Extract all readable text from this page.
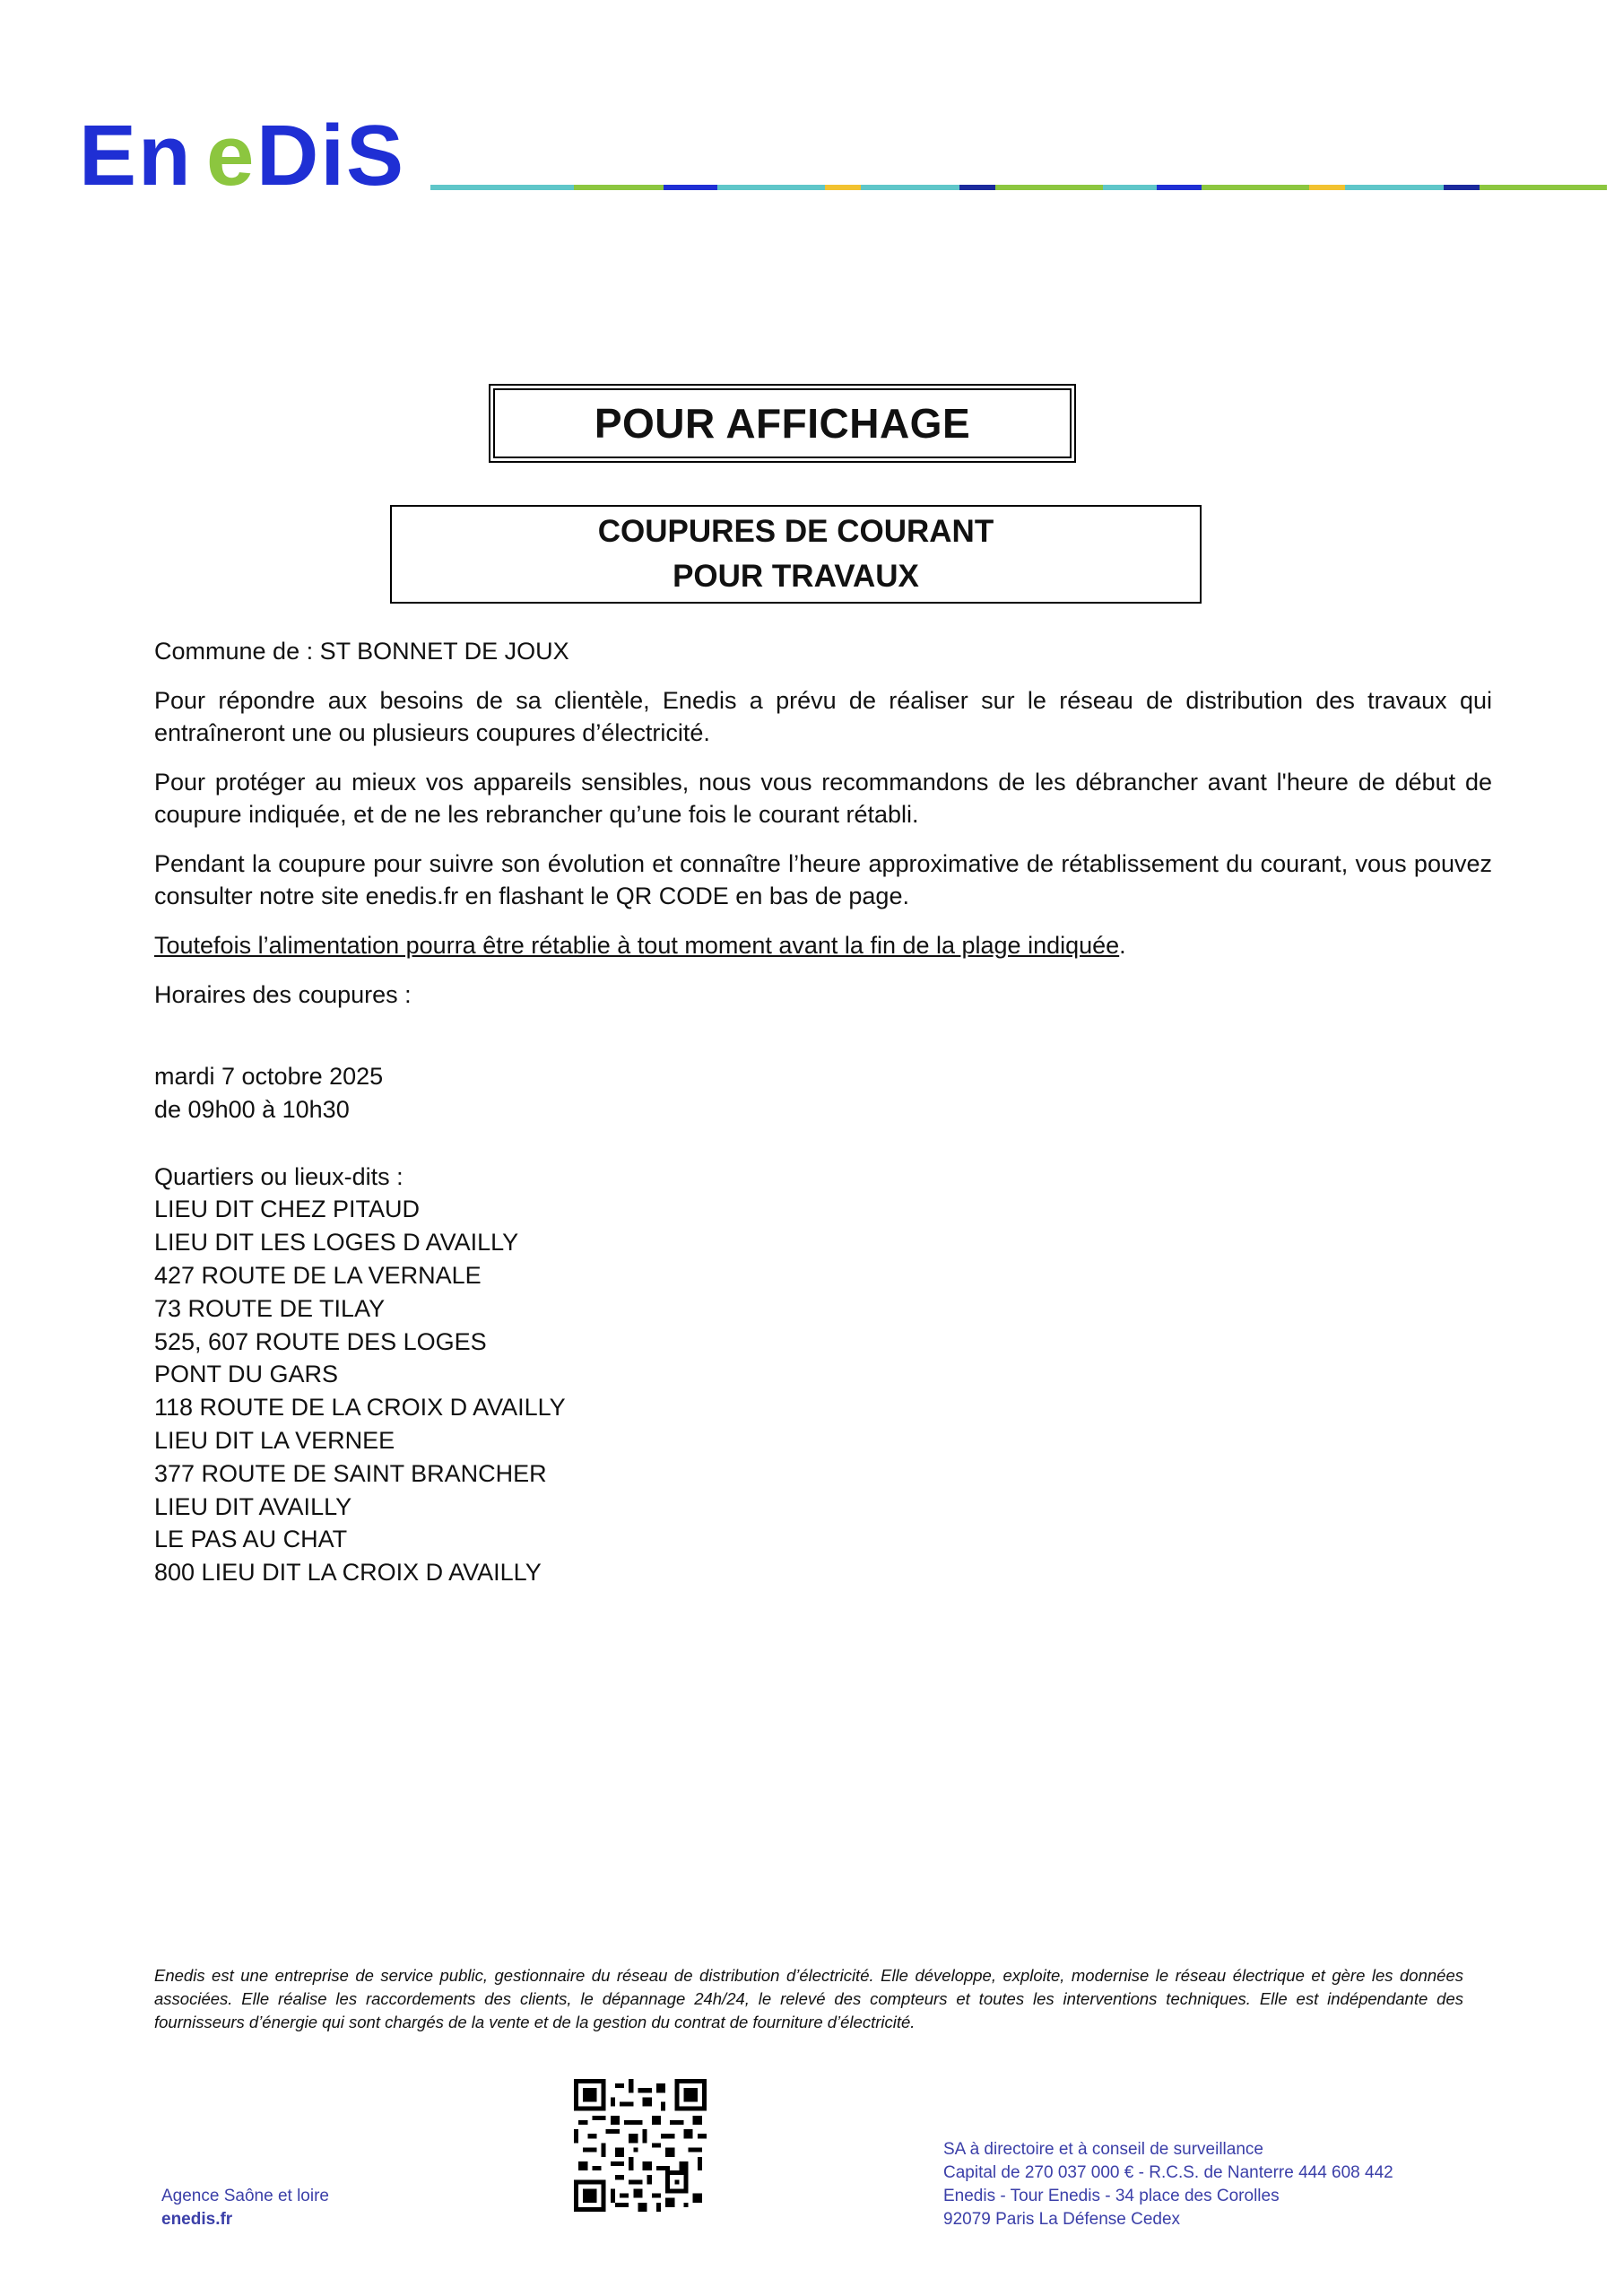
En e DiS
POUR AFFICHAGE
COUPURES DE COURANT
POUR TRAVAUX

Commune de : ST BONNET DE JOUX

Pour répondre aux besoins de sa clientèle, Enedis a prévu de réaliser sur le réseau de distribution des travaux qui entraîneront une ou plusieurs coupures d’électricité.

Pour protéger au mieux vos appareils sensibles, nous vous recommandons de les débrancher avant l'heure de début de coupure indiquée, et de ne les rebrancher qu’une fois le courant rétabli.

Pendant la coupure pour suivre son évolution et connaître l’heure approximative de rétablissement du courant, vous pouvez consulter notre site enedis.fr en flashant le QR CODE en bas de page.

Toutefois l’alimentation pourra être rétablie à tout moment avant la fin de la plage indiquée.

Horaires des coupures :

mardi 7 octobre 2025
de 09h00 à 10h30
Quartiers ou lieux-dits :
LIEU DIT CHEZ PITAUD
LIEU DIT LES LOGES D AVAILLY
427 ROUTE DE LA VERNALE
73 ROUTE DE TILAY
525, 607 ROUTE DES LOGES
PONT DU GARS
118 ROUTE DE LA CROIX D AVAILLY
LIEU DIT LA VERNEE
377 ROUTE DE SAINT BRANCHER
LIEU DIT AVAILLY
LE PAS AU CHAT
800 LIEU DIT LA CROIX D AVAILLY
Enedis est une entreprise de service public, gestionnaire du réseau de distribution d’électricité. Elle développe, exploite, modernise le réseau électrique et gère les données associées. Elle réalise les raccordements des clients, le dépannage 24h/24, le relevé des compteurs et toutes les interventions techniques. Elle est indépendante des fournisseurs d’énergie qui sont chargés de la vente et de la gestion du contrat de fourniture d’électricité.
Agence Saône et loire
enedis.fr
SA à directoire et à conseil de surveillance
Capital de 270 037 000 € - R.C.S. de Nanterre 444 608 442
Enedis - Tour Enedis - 34 place des Corolles
92079 Paris La Défense Cedex
